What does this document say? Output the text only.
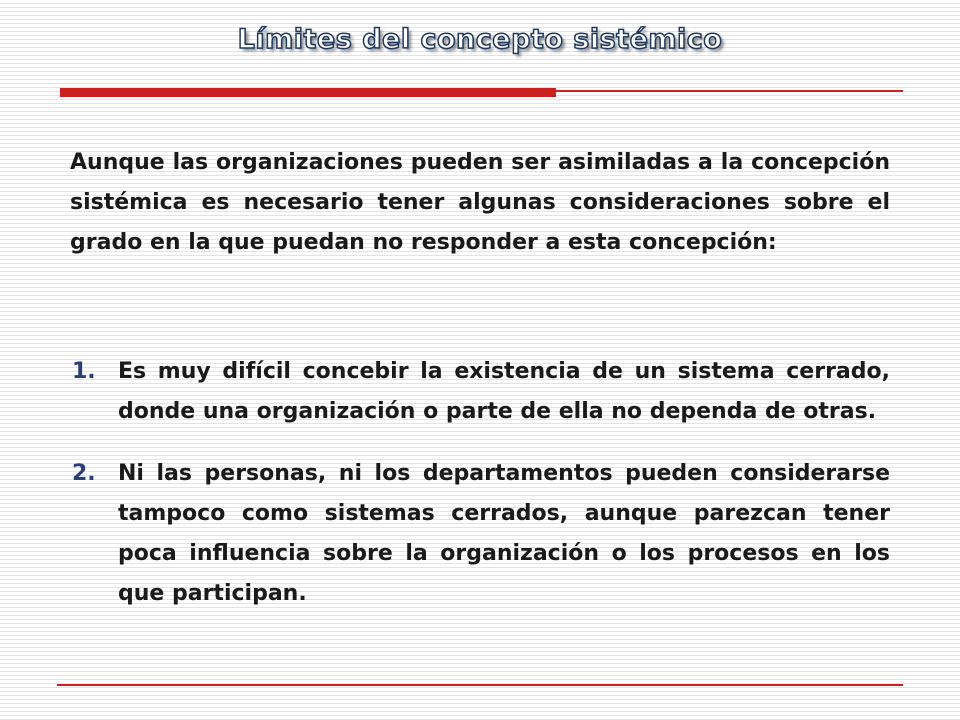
Límites del concepto sistémico

Aunque las organizaciones pueden ser asimiladas a la concepción sistémica es necesario tener algunas consideraciones sobre el grado en la que puedan no responder a esta concepción:

1. Es muy difícil concebir la existencia de un sistema cerrado, donde una organización o parte de ella no dependa de otras.
2. Ni las personas, ni los departamentos pueden considerarse tampoco como sistemas cerrados, aunque parezcan tener poca influencia sobre la organización o los procesos en los que participan.
